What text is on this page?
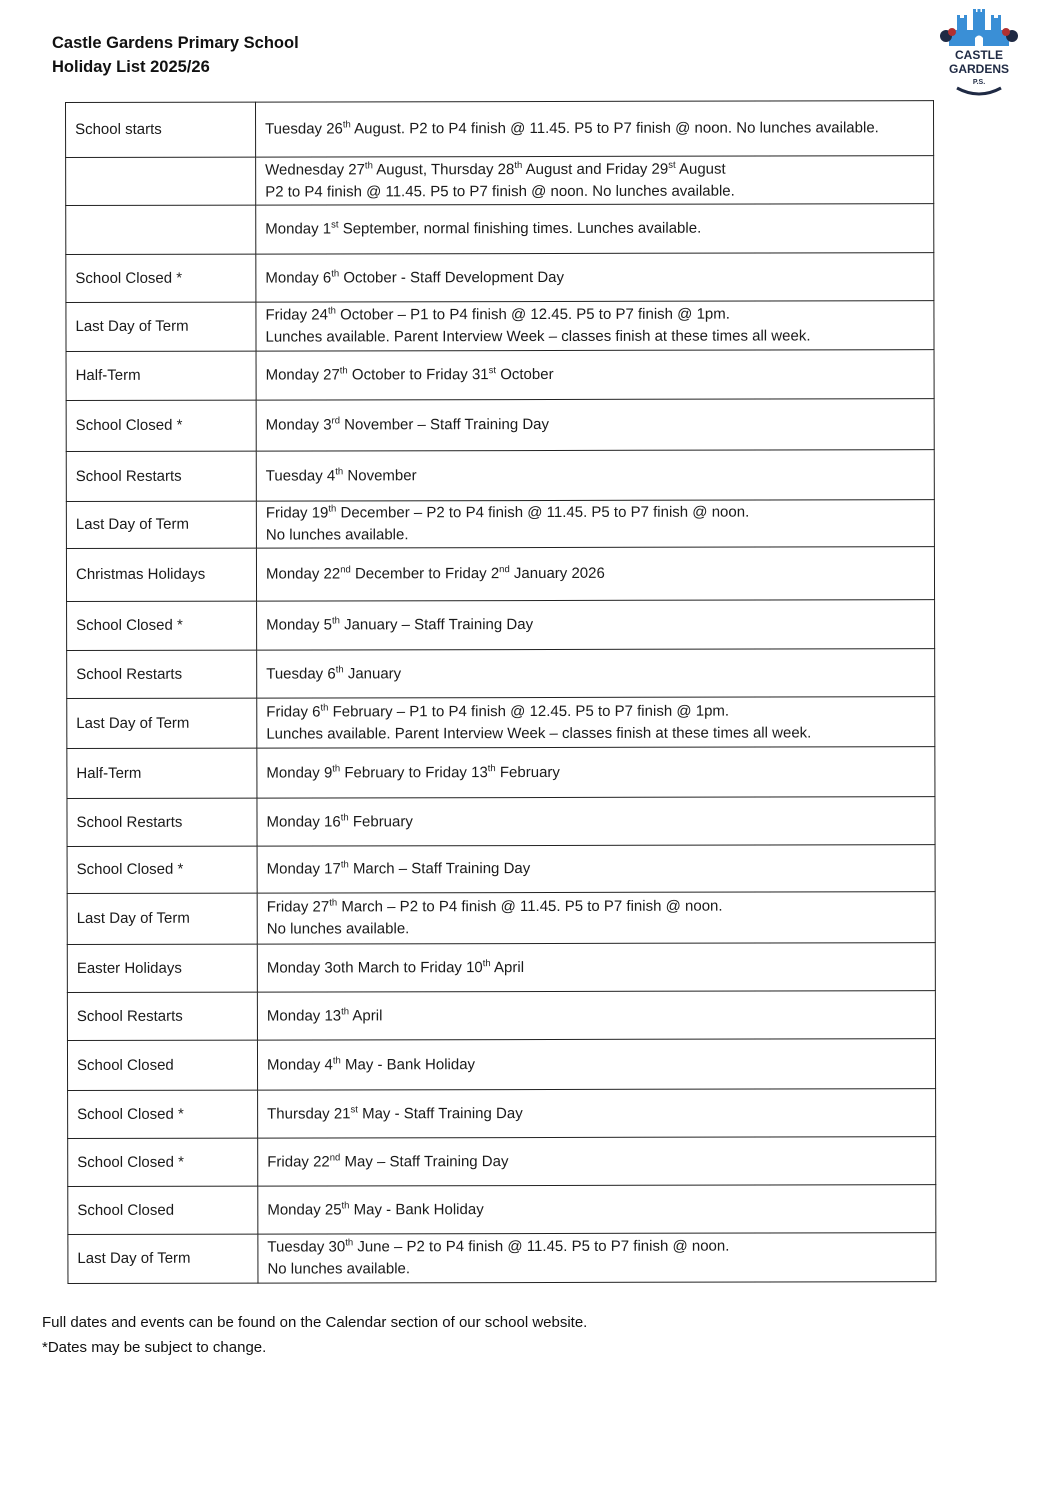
Castle Gardens Primary School
Holiday List 2025/26
CASTLE
GARDENS
P.S.
School starts	Tuesday 26th August. P2 to P4 finish @ 11.45. P5 to P7 finish @ noon. No lunches available.

	Wednesday 27th August, Thursday 28th August and Friday 29st August
P2 to P4 finish @ 11.45. P5 to P7 finish @ noon. No lunches available.

	Monday 1st September, normal finishing times. Lunches available.

School Closed *	Monday 6th October - Staff Development Day

Last Day of Term	Friday 24th October – P1 to P4 finish @ 12.45. P5 to P7 finish @ 1pm.
Lunches available. Parent Interview Week – classes finish at these times all week.

Half-Term	Monday 27th October to Friday 31st October

School Closed *	Monday 3rd November – Staff Training Day

School Restarts	Tuesday 4th November

Last Day of Term	Friday 19th December – P2 to P4 finish @ 11.45. P5 to P7 finish @ noon.
No lunches available.

Christmas Holidays	Monday 22nd December to Friday 2nd January 2026

School Closed *	Monday 5th January – Staff Training Day

School Restarts	Tuesday 6th January

Last Day of Term	Friday 6th February – P1 to P4 finish @ 12.45. P5 to P7 finish @ 1pm.
Lunches available. Parent Interview Week – classes finish at these times all week.

Half-Term	Monday 9th February to Friday 13th February

School Restarts	Monday 16th February

School Closed *	Monday 17th March – Staff Training Day

Last Day of Term	Friday 27th March – P2 to P4 finish @ 11.45. P5 to P7 finish @ noon.
No lunches available.

Easter Holidays	Monday 3oth March to Friday 10th April

School Restarts	Monday 13th April

School Closed	Monday 4th May - Bank Holiday

School Closed *	Thursday 21st May - Staff Training Day

School Closed *	Friday 22nd May – Staff Training Day

School Closed	Monday 25th May - Bank Holiday

Last Day of Term	Tuesday 30th June – P2 to P4 finish @ 11.45. P5 to P7 finish @ noon.
No lunches available.
Full dates and events can be found on the Calendar section of our school website.
*Dates may be subject to change.
